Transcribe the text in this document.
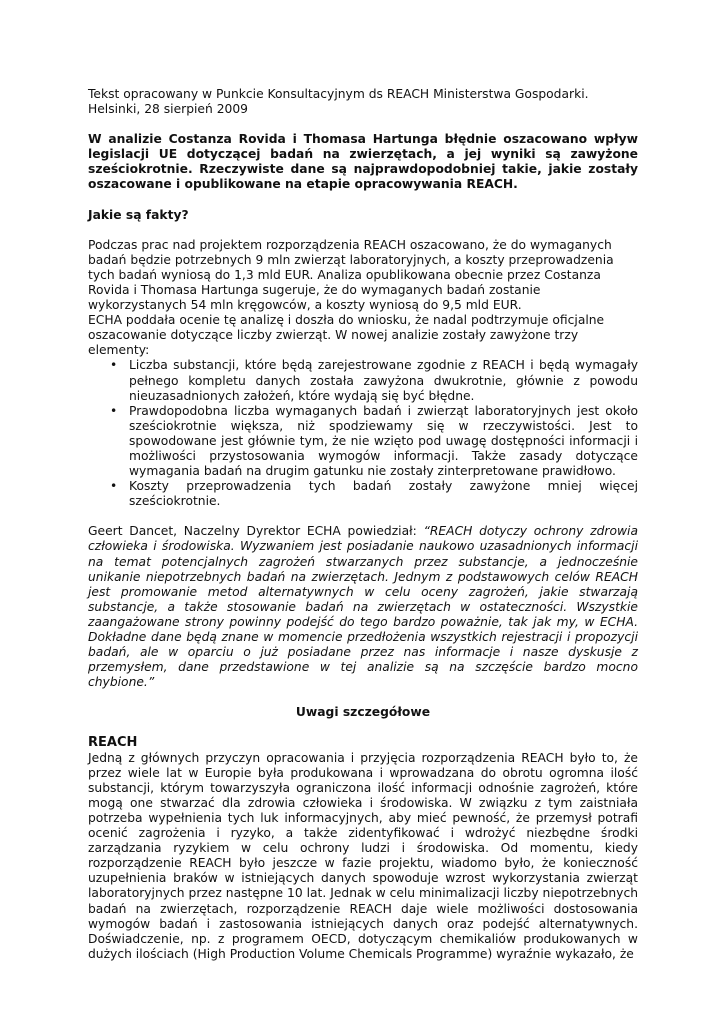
Tekst opracowany w Punkcie Konsultacyjnym ds REACH Ministerstwa Gospodarki.

Helsinki, 28 sierpień 2009

W analizie Costanza Rovida i Thomasa Hartunga błędnie oszacowano wpływ legislacji UE dotyczącej badań na zwierzętach, a jej wyniki są zawyżone sześciokrotnie. Rzeczywiste dane są najprawdopodobniej takie, jakie zostały oszacowane i opublikowane na etapie opracowywania REACH.

Jakie są fakty?

Podczas prac nad projektem rozporządzenia REACH oszacowano, że do wymaganych badań będzie potrzebnych 9 mln zwierząt laboratoryjnych, a koszty przeprowadzenia tych badań wyniosą do 1,3 mld EUR. Analiza opublikowana obecnie przez Costanza Rovida i Thomasa Hartunga sugeruje, że do wymaganych badań zostanie wykorzystanych 54 mln kręgowców, a koszty wyniosą do 9,5 mld EUR.

ECHA poddała ocenie tę analizę i doszła do wniosku, że nadal podtrzymuje oficjalne oszacowanie dotyczące liczby zwierząt. W nowej analizie zostały zawyżone trzy elementy:

• Liczba substancji, które będą zarejestrowane zgodnie z REACH i będą wymagały pełnego kompletu danych została zawyżona dwukrotnie, głównie z powodu nieuzasadnionych założeń, które wydają się być błędne.
• Prawdopodobna liczba wymaganych badań i zwierząt laboratoryjnych jest około sześciokrotnie większa, niż spodziewamy się w rzeczywistości. Jest to spowodowane jest głównie tym, że nie wzięto pod uwagę dostępności informacji i możliwości przystosowania wymogów informacji. Także zasady dotyczące wymagania badań na drugim gatunku nie zostały zinterpretowane prawidłowo.
• Koszty przeprowadzenia tych badań zostały zawyżone mniej więcej sześciokrotnie.

Geert Dancet, Naczelny Dyrektor ECHA powiedział: “REACH dotyczy ochrony zdrowia człowieka i środowiska. Wyzwaniem jest posiadanie naukowo uzasadnionych informacji na temat potencjalnych zagrożeń stwarzanych przez substancje, a jednocześnie unikanie niepotrzebnych badań na zwierzętach. Jednym z podstawowych celów REACH jest promowanie metod alternatywnych w celu oceny zagrożeń, jakie stwarzają substancje, a także stosowanie badań na zwierzętach w ostateczności. Wszystkie zaangażowane strony powinny podejść do tego bardzo poważnie, tak jak my, w ECHA. Dokładne dane będą znane w momencie przedłożenia wszystkich rejestracji i propozycji badań, ale w oparciu o już posiadane przez nas informacje i nasze dyskusje z przemysłem, dane przedstawione w tej analizie są na szczęście bardzo mocno chybione.”

Uwagi szczegółowe

REACH

Jedną z głównych przyczyn opracowania i przyjęcia rozporządzenia REACH było to, że przez wiele lat w Europie była produkowana i wprowadzana do obrotu ogromna ilość substancji, którym towarzyszyła ograniczona ilość informacji odnośnie zagrożeń, które mogą one stwarzać dla zdrowia człowieka i środowiska. W związku z tym zaistniała potrzeba wypełnienia tych luk informacyjnych, aby mieć pewność, że przemysł potrafi ocenić zagrożenia i ryzyko, a także zidentyfikować i wdrożyć niezbędne środki zarządzania ryzykiem w celu ochrony ludzi i środowiska. Od momentu, kiedy rozporządzenie REACH było jeszcze w fazie projektu, wiadomo było, że konieczność uzupełnienia braków w istniejących danych spowoduje wzrost wykorzystania zwierząt laboratoryjnych przez następne 10 lat. Jednak w celu minimalizacji liczby niepotrzebnych badań na zwierzętach, rozporządzenie REACH daje wiele możliwości dostosowania wymogów badań i zastosowania istniejących danych oraz podejść alternatywnych. Doświadczenie, np. z programem OECD, dotyczącym chemikaliów produkowanych w dużych ilościach (High Production Volume Chemicals Programme) wyraźnie wykazało, że
